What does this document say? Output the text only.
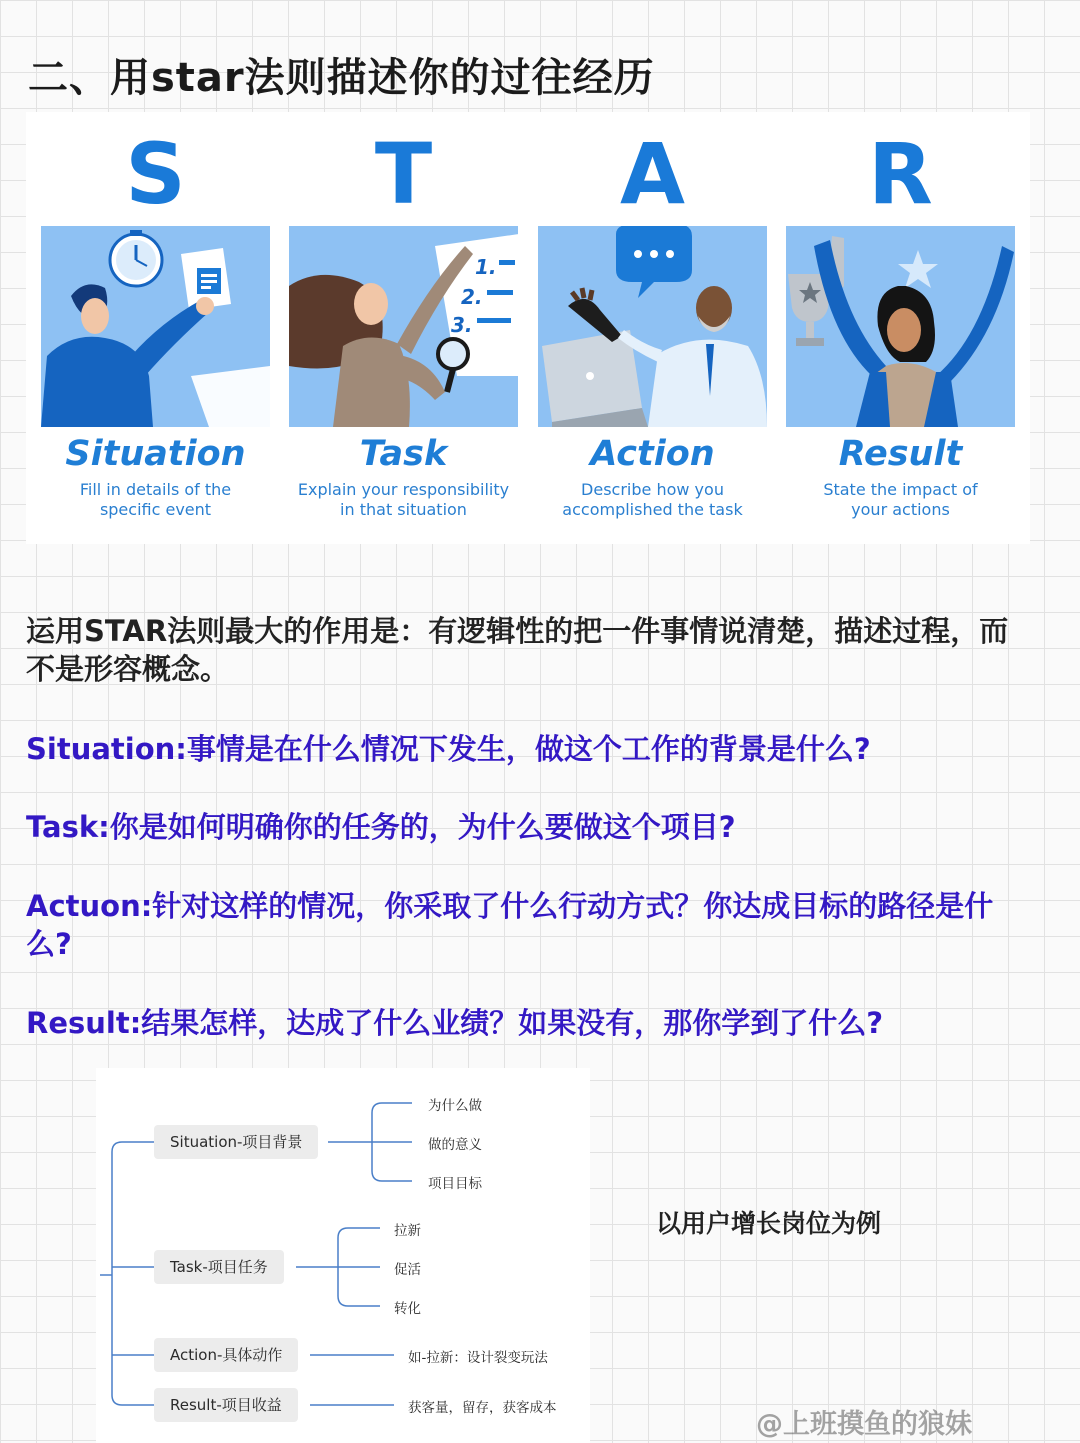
二、用star法则描述你的过往经历
S
Situation
Fill in details of the
specific event
T
1.
2.
3.
Task
Explain your responsibility
in that situation
A
Action
Describe how you
accomplished the task
R
Result
State the impact of
your actions

运用STAR法则最大的作用是：有逻辑性的把一件事情说清楚，描述过程，而不是形容概念。

Situation:事情是在什么情况下发生，做这个工作的背景是什么?

Task:你是如何明确你的任务的，为什么要做这个项目?

Actuon:针对这样的情况，你采取了什么行动方式？你达成目标的路径是什么?

Result:结果怎样，达成了什么业绩？如果没有，那你学到了什么?

Situation-项目背景
为什么做
做的意义
项目目标
Task-项目任务
拉新
促活
转化
Action-具体动作	如-拉新：设计裂变玩法
Result-项目收益	获客量，留存，获客成本

以用户增长岗位为例

@上班摸鱼的狼妹
